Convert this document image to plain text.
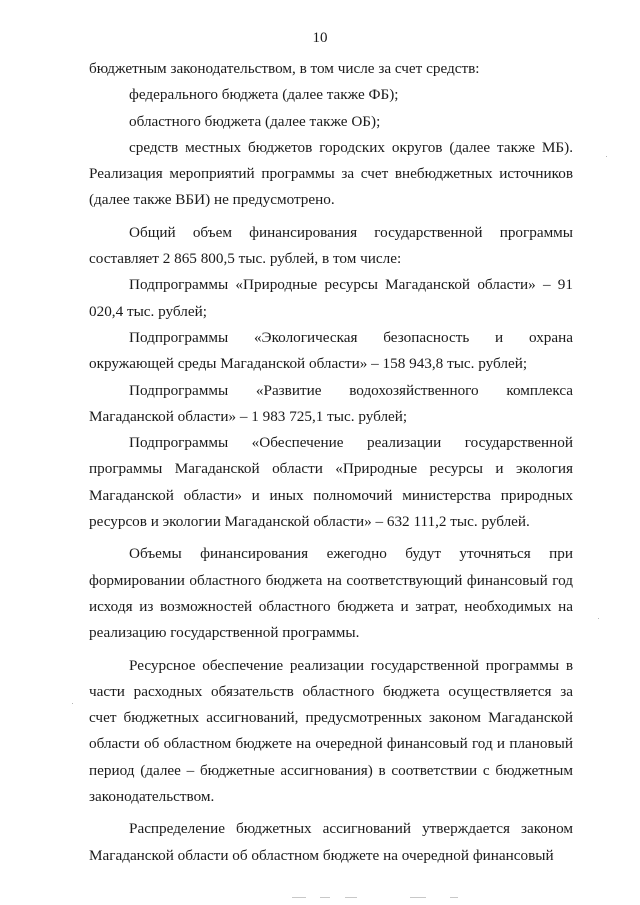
10

бюджетным законодательством, в том числе за счет средств:

федерального бюджета (далее также ФБ);

областного бюджета (далее также ОБ);

средств местных бюджетов городских округов (далее также МБ). Реализация мероприятий программы за счет внебюджетных источников (далее также ВБИ) не предусмотрено.

Общий объем финансирования государственной программы составляет 2 865 800,5 тыс. рублей, в том числе:

Подпрограммы «Природные ресурсы Магаданской области» – 91 020,4 тыс. рублей;

Подпрограммы «Экологическая безопасность и охрана окружающей среды Магаданской области» – 158 943,8 тыс. рублей;

Подпрограммы «Развитие водохозяйственного комплекса Магаданской области» – 1 983 725,1 тыс. рублей;

Подпрограммы «Обеспечение реализации государственной программы Магаданской области «Природные ресурсы и экология Магаданской области» и иных полномочий министерства природных ресурсов и экологии Магаданской области» – 632 111,2 тыс. рублей.

Объемы финансирования ежегодно будут уточняться при формировании областного бюджета на соответствующий финансовый год исходя из возможностей областного бюджета и затрат, необходимых на реализацию государственной программы.

Ресурсное обеспечение реализации государственной программы в части расходных обязательств областного бюджета осуществляется за счет бюджетных ассигнований, предусмотренных законом Магаданской области об областном бюджете на очередной финансовый год и плановый период (далее – бюджетные ассигнования) в соответствии с бюджетным законодательством.

Распределение бюджетных ассигнований утверждается законом Магаданской области об областном бюджете на очередной финансовый
